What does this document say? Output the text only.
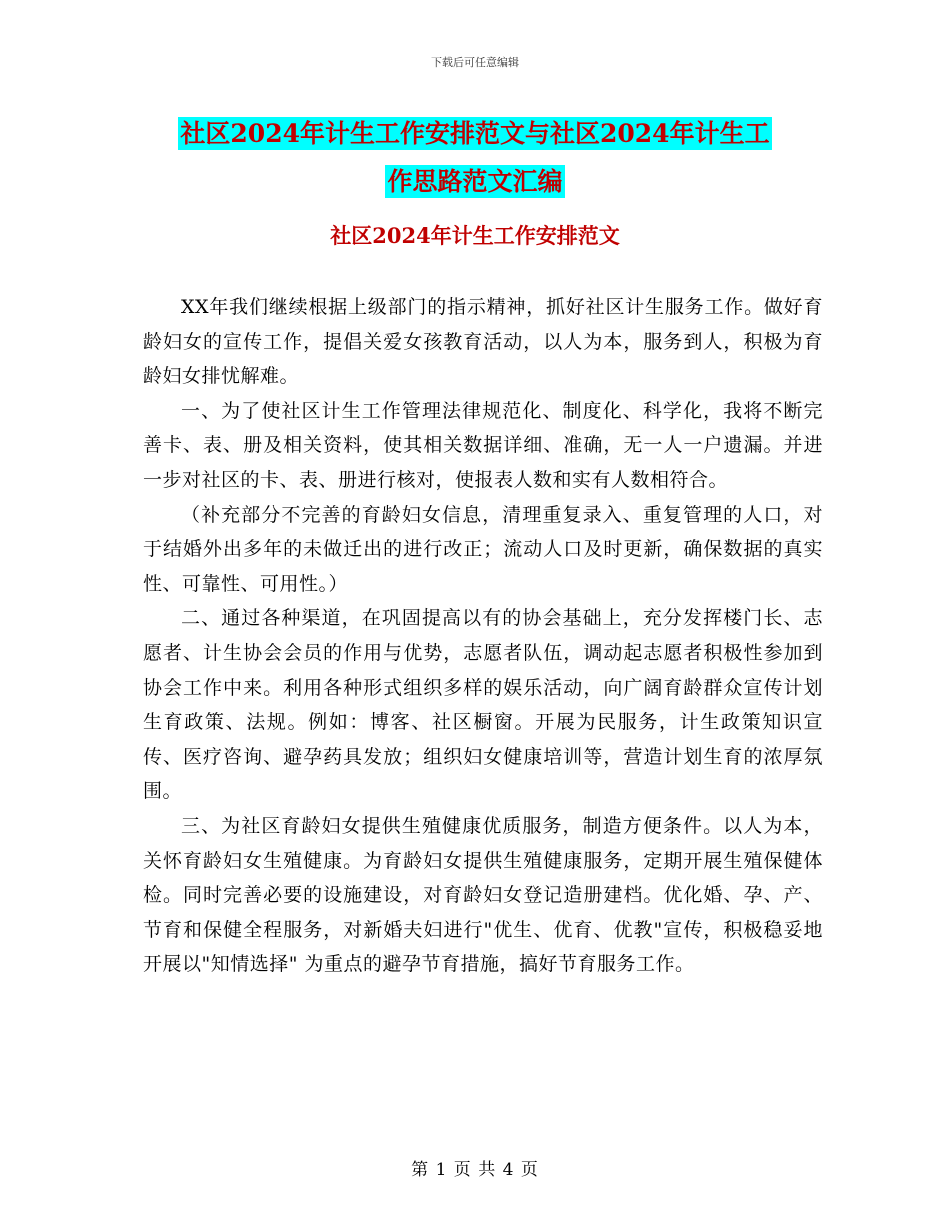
下载后可任意编辑
社区2024年计生工作安排范文与社区2024年计生工
作思路范文汇编
社区2024年计生工作安排范文

XX年我们继续根据上级部门的指示精神，抓好社区计生服务工作。做好育龄妇女的宣传工作，提倡关爱女孩教育活动，以人为本，服务到人，积极为育龄妇女排忧解难。

一、为了使社区计生工作管理法律规范化、制度化、科学化，我将不断完善卡、表、册及相关资料，使其相关数据详细、准确，无一人一户遗漏。并进一步对社区的卡、表、册进行核对，使报表人数和实有人数相符合。

（补充部分不完善的育龄妇女信息，清理重复录入、重复管理的人口，对于结婚外出多年的未做迁出的进行改正；流动人口及时更新，确保数据的真实性、可靠性、可用性。）

二、通过各种渠道，在巩固提高以有的协会基础上，充分发挥楼门长、志愿者、计生协会会员的作用与优势，志愿者队伍，调动起志愿者积极性参加到协会工作中来。利用各种形式组织多样的娱乐活动，向广阔育龄群众宣传计划生育政策、法规。例如：博客、社区橱窗。开展为民服务，计生政策知识宣传、医疗咨询、避孕药具发放；组织妇女健康培训等，营造计划生育的浓厚氛围。

三、为社区育龄妇女提供生殖健康优质服务，制造方便条件。以人为本，关怀育龄妇女生殖健康。为育龄妇女提供生殖健康服务，定期开展生殖保健体检。同时完善必要的设施建设，对育龄妇女登记造册建档。优化婚、孕、产、节育和保健全程服务，对新婚夫妇进行"优生、优育、优教"宣传，积极稳妥地开展以"知情选择" 为重点的避孕节育措施，搞好节育服务工作。

第 1 页 共 4 页
